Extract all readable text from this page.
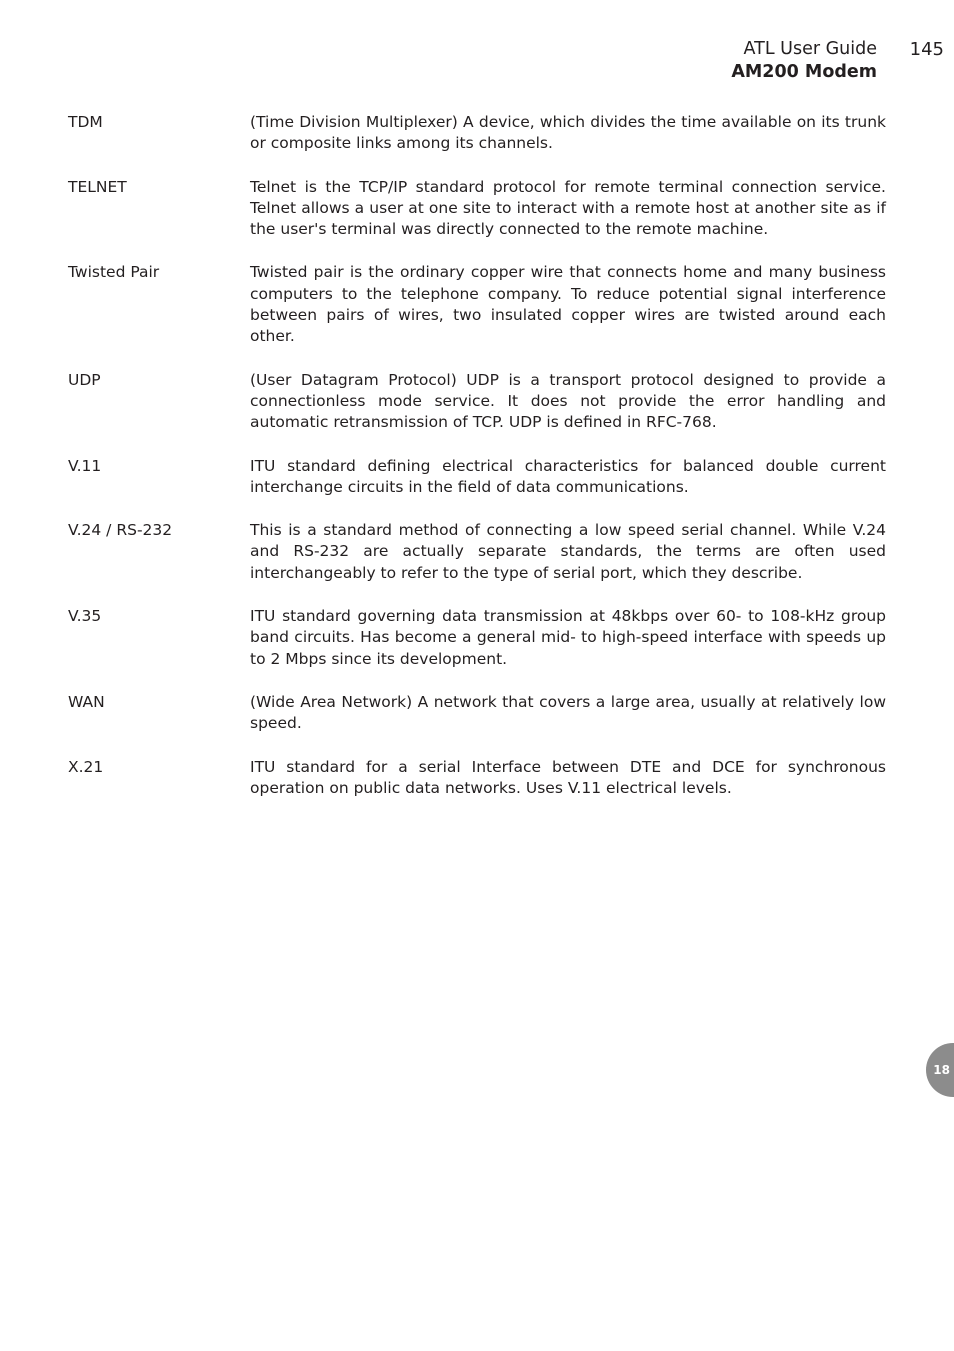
ATL User Guide
AM200 Modem
145
TDM	(Time Division Multiplexer) A device, which divides the time available on its trunk or composite links among its channels.
TELNET	Telnet is the TCP/IP standard protocol for remote terminal connection service. Telnet allows a user at one site to interact with a remote host at another site as if the user's terminal was directly connected to the remote machine.
Twisted Pair	Twisted pair is the ordinary copper wire that connects home and many business computers to the telephone company. To reduce potential signal interference between pairs of wires, two insulated copper wires are twisted around each other.
UDP	(User Datagram Protocol) UDP is a transport protocol designed to provide a connectionless mode service. It does not provide the error handling and automatic retransmission of TCP. UDP is defined in RFC-768.
V.11	ITU standard defining electrical characteristics for balanced double current interchange circuits in the field of data communications.
V.24 / RS-232	This is a standard method of connecting a low speed serial channel. While V.24 and RS-232 are actually separate standards, the terms are often used interchangeably to refer to the type of serial port, which they describe.
V.35	ITU standard governing data transmission at 48kbps over 60- to 108-kHz group band circuits. Has become a general mid- to high-speed interface with speeds up to 2 Mbps since its development.
WAN	(Wide Area Network) A network that covers a large area, usually at relatively low speed.
X.21	ITU standard for a serial Interface between DTE and DCE for synchronous operation on public data networks. Uses V.11 electrical levels.
18
